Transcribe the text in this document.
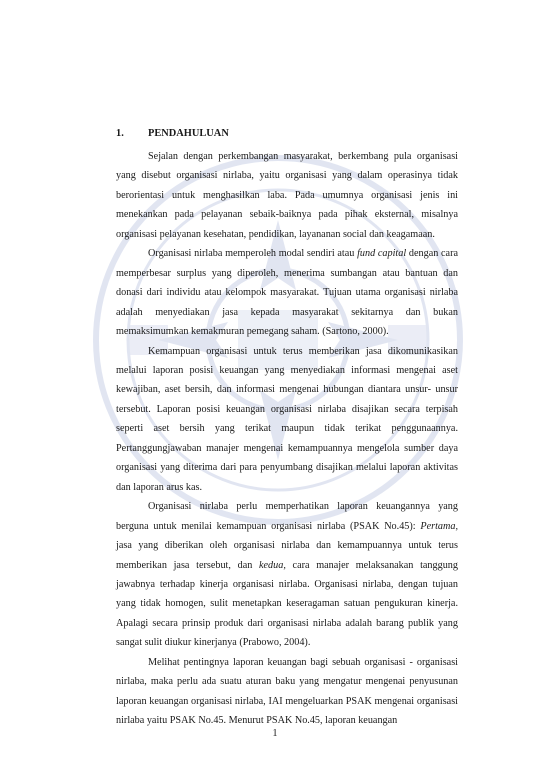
1. PENDAHULUAN

Sejalan dengan perkembangan masyarakat, berkembang pula organisasi yang disebut organisasi nirlaba, yaitu organisasi yang dalam operasinya tidak berorientasi untuk menghasilkan laba. Pada umumnya organisasi jenis ini menekankan pada pelayanan sebaik-baiknya pada pihak eksternal, misalnya organisasi pelayanan kesehatan, pendidikan, layananan social dan keagamaan.

Organisasi nirlaba memperoleh modal sendiri atau fund capital dengan cara memperbesar surplus yang diperoleh, menerima sumbangan atau bantuan dan donasi dari individu atau kelompok masyarakat. Tujuan utama organisasi nirlaba adalah menyediakan jasa kepada masyarakat sekitarnya dan bukan memaksimumkan kemakmuran pemegang saham. (Sartono, 2000).

Kemampuan organisasi untuk terus memberikan jasa dikomunikasikan melalui laporan posisi keuangan yang menyediakan informasi mengenai aset kewajiban, aset bersih, dan informasi mengenai hubungan diantara unsur- unsur tersebut. Laporan posisi keuangan organisasi nirlaba disajikan secara terpisah seperti aset bersih yang terikat maupun tidak terikat penggunaannya. Pertanggungjawaban manajer mengenai kemampuannya mengelola sumber daya organisasi yang diterima dari para penyumbang disajikan melalui laporan aktivitas dan laporan arus kas.

Organisasi nirlaba perlu memperhatikan laporan keuangannya yang berguna untuk menilai kemampuan organisasi nirlaba (PSAK No.45): Pertama, jasa yang diberikan oleh organisasi nirlaba dan kemampuannya untuk terus memberikan jasa tersebut, dan kedua, cara manajer melaksanakan tanggung jawabnya terhadap kinerja organisasi nirlaba. Organisasi nirlaba, dengan tujuan yang tidak homogen, sulit menetapkan keseragaman satuan pengukuran kinerja. Apalagi secara prinsip produk dari organisasi nirlaba adalah barang publik yang sangat sulit diukur kinerjanya (Prabowo, 2004).

Melihat pentingnya laporan keuangan bagi sebuah organisasi - organisasi nirlaba, maka perlu ada suatu aturan baku yang mengatur mengenai penyusunan laporan keuangan organisasi nirlaba, IAI mengeluarkan PSAK mengenai organisasi nirlaba yaitu PSAK No.45. Menurut PSAK No.45, laporan keuangan

1
